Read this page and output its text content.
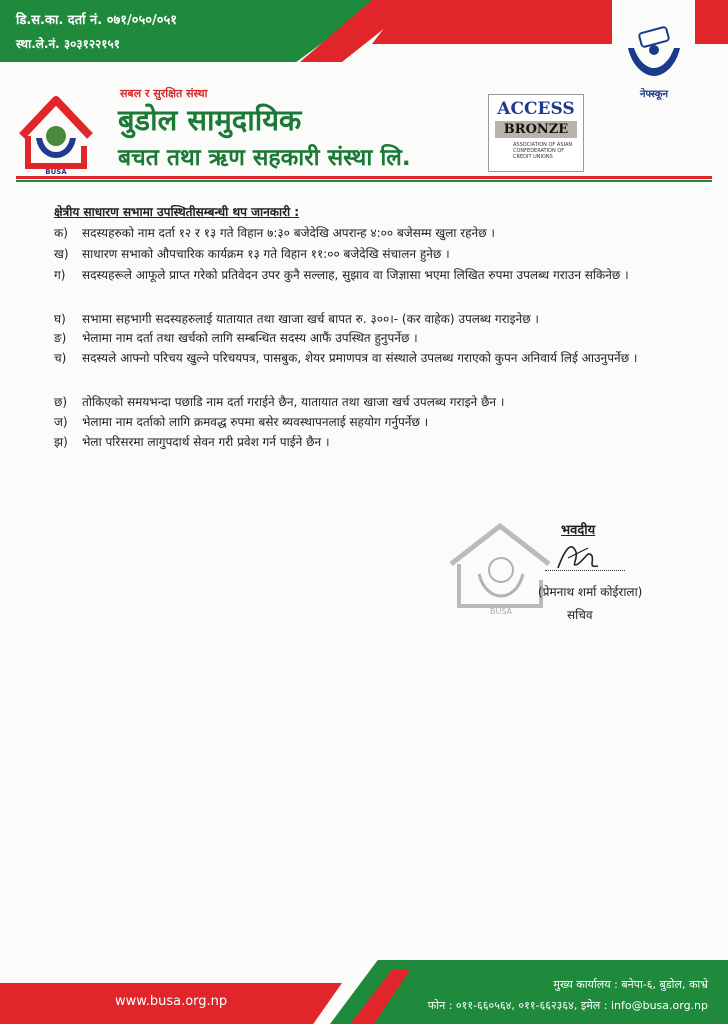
डि.स.का. दर्ता नं. ०७१/०५०/०५१
स्था.ले.नं. ३०३१२२१५१
नेफ्स्कून
BUSA
सबल र सुरक्षित संस्था
बुडोल सामुदायिक
बचत तथा ऋण सहकारी संस्था लि.
ACCESS
BRONZE
ASSOCIATION OF ASIAN CONFEDERATION OF CREDIT UNIONS
क्षेत्रीय साधारण सभामा उपस्थितीसम्बन्धी थप जानकारी :
क) सदस्यहरुको नाम दर्ता १२ र १३ गते विहान ७:३० बजेदेखि अपरान्ह ४:०० बजेसम्म खुला रहनेछ ।
ख) साधारण सभाको औपचारिक कार्यक्रम १३ गते विहान ११:०० बजेदेखि संचालन हुनेछ ।
ग) सदस्यहरूले आफूले प्राप्त गरेको प्रतिवेदन उपर कुनै सल्लाह, सुझाव वा जिज्ञासा भएमा लिखित रुपमा उपलब्ध गराउन सकिनेछ ।
घ) सभामा सहभागी सदस्यहरुलाई यातायात तथा खाजा खर्च बापत रु. ३००।- (कर वाहेक) उपलब्ध गराइनेछ ।
ङ) भेलामा नाम दर्ता तथा खर्चको लागि सम्बन्धित सदस्य आफैं उपस्थित हुनुपर्नेछ ।
च) सदस्यले आफ्नो परिचय खुल्ने परिचयपत्र, पासबुक, शेयर प्रमाणपत्र वा संस्थाले उपलब्ध गराएको कुपन अनिवार्य लिई आउनुपर्नेछ ।
छ) तोकिएको समयभन्दा पछाडि नाम दर्ता गराईने छैन, यातायात तथा खाजा खर्च उपलब्ध गराइने छैन ।
ज) भेलामा नाम दर्ताको लागि क्रमवद्ध रुपमा बसेर ब्यवस्थापनलाई सहयोग गर्नुपर्नेछ ।
झ) भेला परिसरमा लागुपदार्थ सेवन गरी प्रवेश गर्न पाईने छैन ।
BUSA
भवदीय
(प्रेमनाथ शर्मा कोईराला)
सचिव
www.busa.org.np
मुख्य कार्यालय : बनेपा-६, बुडोल, काभ्रे
फोन : ०११-६६०५६४, ०११-६६२३६४, इमेल : info@busa.org.np
